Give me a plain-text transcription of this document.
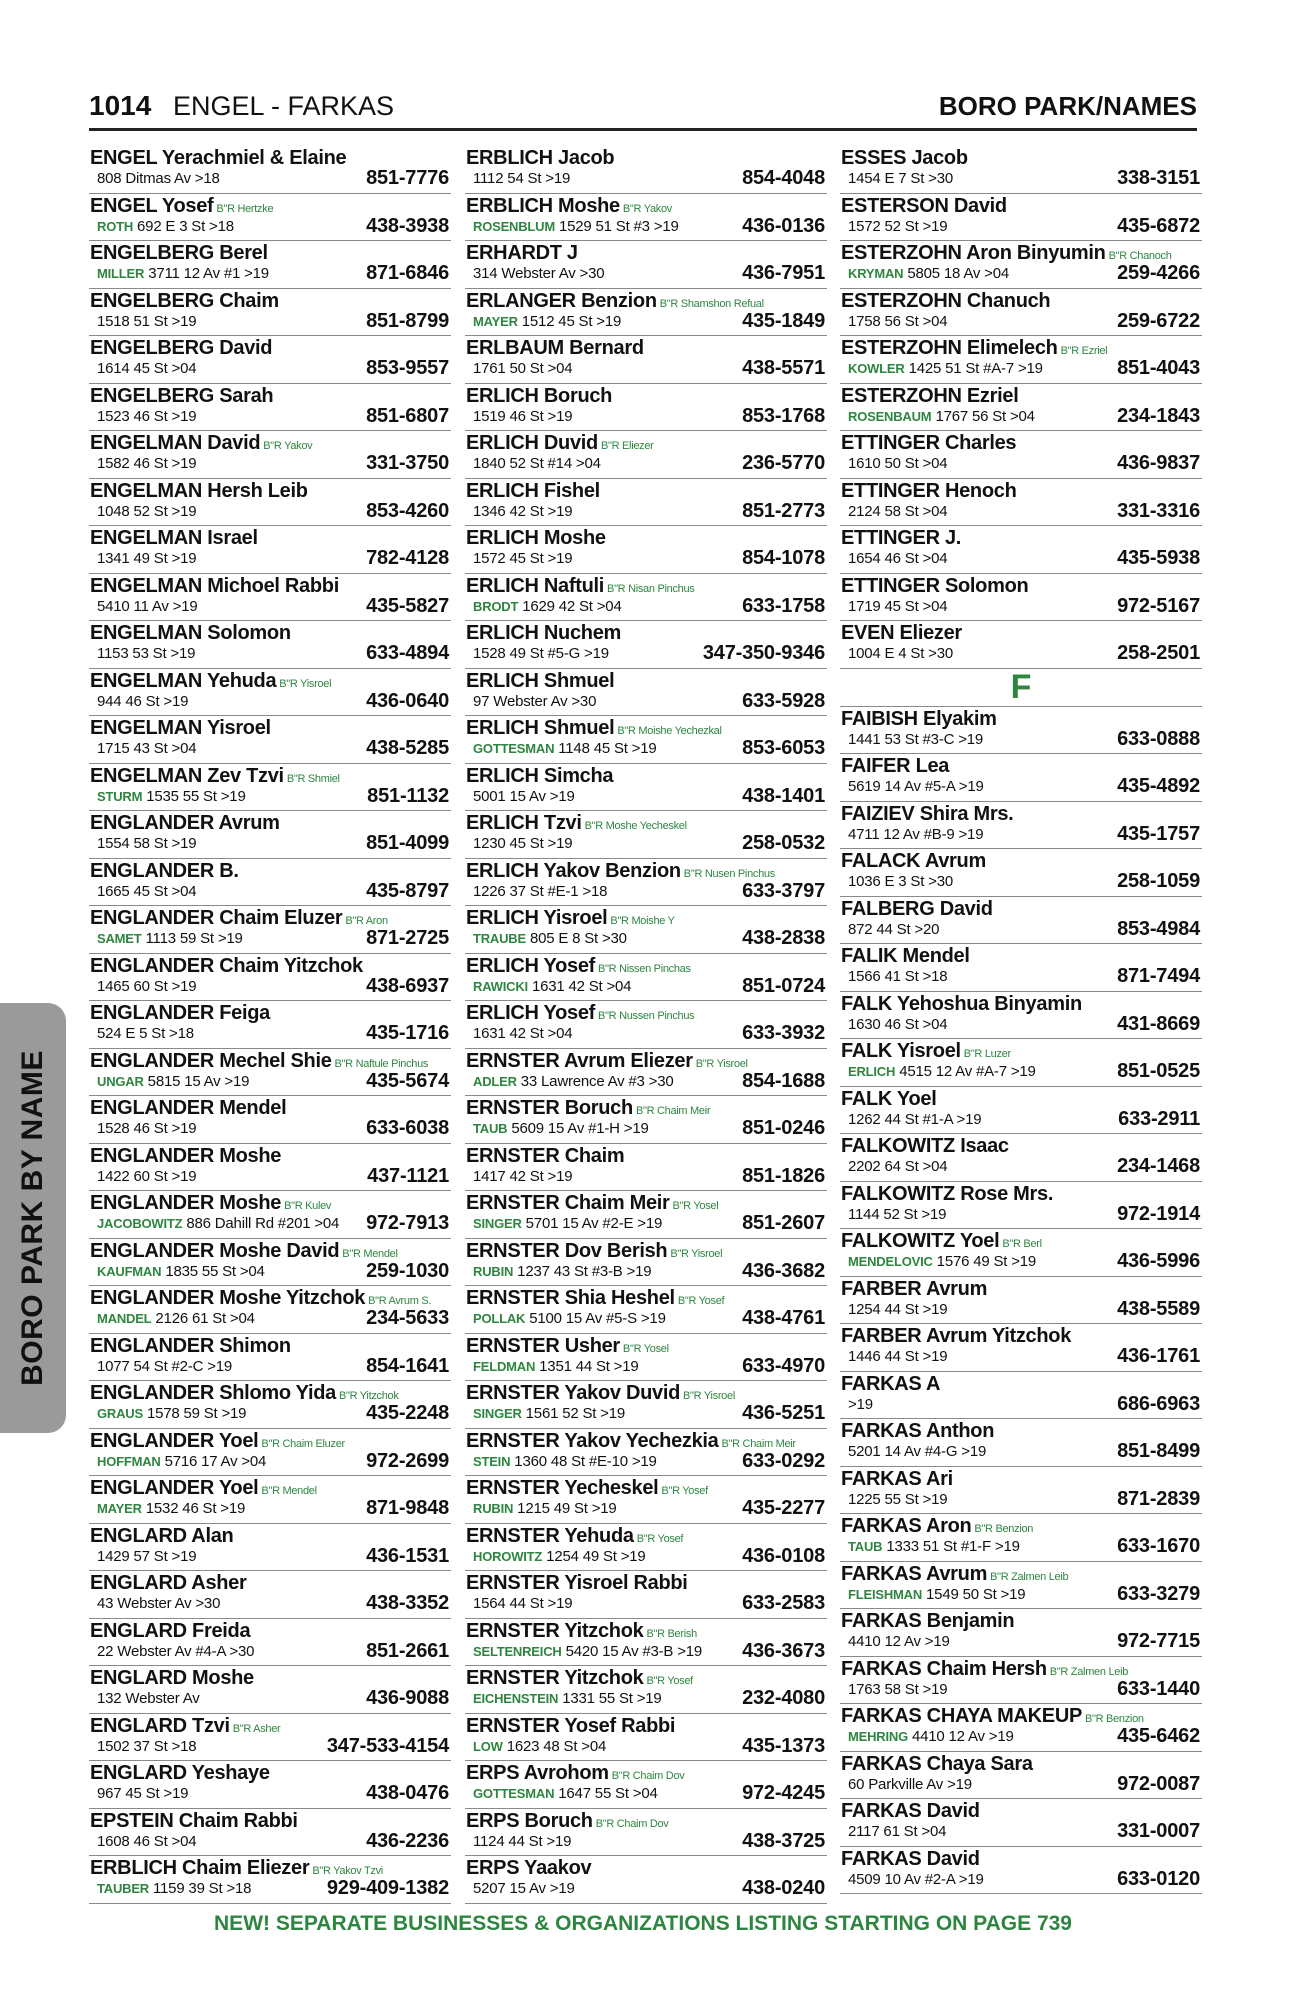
1014 ENGEL - FARKAS	BORO PARK/NAMES
ENGEL Yerachmiel & Elaine
808 Ditmas Av >18	851-7776
ENGEL Yosef B"R Hertzke
ROTH 692 E 3 St >18	438-3938
ENGELBERG Berel
MILLER 3711 12 Av #1 >19	871-6846
ENGELBERG Chaim
1518 51 St >19	851-8799
ENGELBERG David
1614 45 St >04	853-9557
ENGELBERG Sarah
1523 46 St >19	851-6807
ENGELMAN David B"R Yakov
1582 46 St >19	331-3750
ENGELMAN Hersh Leib
1048 52 St >19	853-4260
ENGELMAN Israel
1341 49 St >19	782-4128
ENGELMAN Michoel Rabbi
5410 11 Av >19	435-5827
ENGELMAN Solomon
1153 53 St >19	633-4894
ENGELMAN Yehuda B"R Yisroel
944 46 St >19	436-0640
ENGELMAN Yisroel
1715 43 St >04	438-5285
ENGELMAN Zev Tzvi B"R Shmiel
STURM 1535 55 St >19	851-1132
ENGLANDER Avrum
1554 58 St >19	851-4099
ENGLANDER B.
1665 45 St >04	435-8797
ENGLANDER Chaim Eluzer B"R Aron
SAMET 1113 59 St >19	871-2725
ENGLANDER Chaim Yitzchok
1465 60 St >19	438-6937
ENGLANDER Feiga
524 E 5 St >18	435-1716
ENGLANDER Mechel Shie B"R Naftule Pinchus
UNGAR 5815 15 Av >19	435-5674
ENGLANDER Mendel
1528 46 St >19	633-6038
ENGLANDER Moshe
1422 60 St >19	437-1121
ENGLANDER Moshe B"R Kulev
JACOBOWITZ 886 Dahill Rd #201 >04 972-7913
ENGLANDER Moshe David B"R Mendel
KAUFMAN 1835 55 St >04	259-1030
ENGLANDER Moshe Yitzchok B"R Avrum S.
MANDEL 2126 61 St >04	234-5633
ENGLANDER Shimon
1077 54 St #2-C >19	854-1641
ENGLANDER Shlomo Yida B"R Yitzchok
GRAUS 1578 59 St >19	435-2248
ENGLANDER Yoel B"R Chaim Eluzer
HOFFMAN 5716 17 Av >04	972-2699
ENGLANDER Yoel B"R Mendel
MAYER 1532 46 St >19	871-9848
ENGLARD Alan
1429 57 St >19	436-1531
ENGLARD Asher
43 Webster Av >30	438-3352
ENGLARD Freida
22 Webster Av #4-A >30	851-2661
ENGLARD Moshe
132 Webster Av	436-9088
ENGLARD Tzvi B"R Asher
1502 37 St >18	347-533-4154
ENGLARD Yeshaye
967 45 St >19	438-0476
EPSTEIN Chaim Rabbi
1608 46 St >04	436-2236
ERBLICH Chaim Eliezer B"R Yakov Tzvi
TAUBER 1159 39 St >18	929-409-1382
ERBLICH Jacob
1112 54 St >19	854-4048
ERBLICH Moshe B"R Yakov
ROSENBLUM 1529 51 St #3 >19	436-0136
ERHARDT J
314 Webster Av >30	436-7951
ERLANGER Benzion B"R Shamshon Refual
MAYER 1512 45 St >19	435-1849
ERLBAUM Bernard
1761 50 St >04	438-5571
ERLICH Boruch
1519 46 St >19	853-1768
ERLICH Duvid B"R Eliezer
1840 52 St #14 >04	236-5770
ERLICH Fishel
1346 42 St >19	851-2773
ERLICH Moshe
1572 45 St >19	854-1078
ERLICH Naftuli B"R Nisan Pinchus
BRODT 1629 42 St >04	633-1758
ERLICH Nuchem
1528 49 St #5-G >19	347-350-9346
ERLICH Shmuel
97 Webster Av >30	633-5928
ERLICH Shmuel B"R Moishe Yechezkal
GOTTESMAN 1148 45 St >19	853-6053
ERLICH Simcha
5001 15 Av >19	438-1401
ERLICH Tzvi B"R Moshe Yecheskel
1230 45 St >19	258-0532
ERLICH Yakov Benzion B"R Nusen Pinchus
1226 37 St #E-1 >18	633-3797
ERLICH Yisroel B"R Moishe Y
TRAUBE 805 E 8 St >30	438-2838
ERLICH Yosef B"R Nissen Pinchas
RAWICKI 1631 42 St >04	851-0724
ERLICH Yosef B"R Nussen Pinchus
1631 42 St >04	633-3932
ERNSTER Avrum Eliezer B"R Yisroel
ADLER 33 Lawrence Av #3 >30	854-1688
ERNSTER Boruch B"R Chaim Meir
TAUB 5609 15 Av #1-H >19	851-0246
ERNSTER Chaim
1417 42 St >19	851-1826
ERNSTER Chaim Meir B"R Yosel
SINGER 5701 15 Av #2-E >19	851-2607
ERNSTER Dov Berish B"R Yisroel
RUBIN 1237 43 St #3-B >19	436-3682
ERNSTER Shia Heshel B"R Yosef
POLLAK 5100 15 Av #5-S >19	438-4761
ERNSTER Usher B"R Yosel
FELDMAN 1351 44 St >19	633-4970
ERNSTER Yakov Duvid B"R Yisroel
SINGER 1561 52 St >19	436-5251
ERNSTER Yakov Yechezkia B"R Chaim Meir
STEIN 1360 48 St #E-10 >19	633-0292
ERNSTER Yecheskel B"R Yosef
RUBIN 1215 49 St >19	435-2277
ERNSTER Yehuda B"R Yosef
HOROWITZ 1254 49 St >19	436-0108
ERNSTER Yisroel Rabbi
1564 44 St >19	633-2583
ERNSTER Yitzchok B"R Berish
SELTENREICH 5420 15 Av #3-B >19 436-3673
ERNSTER Yitzchok B"R Yosef
EICHENSTEIN 1331 55 St >19	232-4080
ERNSTER Yosef Rabbi
LOW 1623 48 St >04	435-1373
ERPS Avrohom B"R Chaim Dov
GOTTESMAN 1647 55 St >04	972-4245
ERPS Boruch B"R Chaim Dov
1124 44 St >19	438-3725
ERPS Yaakov
5207 15 Av >19	438-0240
ESSES Jacob
1454 E 7 St >30	338-3151
ESTERSON David
1572 52 St >19	435-6872
ESTERZOHN Aron Binyumin B"R Chanoch
KRYMAN 5805 18 Av >04	259-4266
ESTERZOHN Chanuch
1758 56 St >04	259-6722
ESTERZOHN Elimelech B"R Ezriel
KOWLER 1425 51 St #A-7 >19	851-4043
ESTERZOHN Ezriel
ROSENBAUM 1767 56 St >04	234-1843
ETTINGER Charles
1610 50 St >04	436-9837
ETTINGER Henoch
2124 58 St >04	331-3316
ETTINGER J.
1654 46 St >04	435-5938
ETTINGER Solomon
1719 45 St >04	972-5167
EVEN Eliezer
1004 E 4 St >30	258-2501
F
FAIBISH Elyakim
1441 53 St #3-C >19	633-0888
FAIFER Lea
5619 14 Av #5-A >19	435-4892
FAIZIEV Shira Mrs.
4711 12 Av #B-9 >19	435-1757
FALACK Avrum
1036 E 3 St >30	258-1059
FALBERG David
872 44 St >20	853-4984
FALIK Mendel
1566 41 St >18	871-7494
FALK Yehoshua Binyamin
1630 46 St >04	431-8669
FALK Yisroel B"R Luzer
ERLICH 4515 12 Av #A-7 >19	851-0525
FALK Yoel
1262 44 St #1-A >19	633-2911
FALKOWITZ Isaac
2202 64 St >04	234-1468
FALKOWITZ Rose Mrs.
1144 52 St >19	972-1914
FALKOWITZ Yoel B"R Berl
MENDELOVIC 1576 49 St >19	436-5996
FARBER Avrum
1254 44 St >19	438-5589
FARBER Avrum Yitzchok
1446 44 St >19	436-1761
FARKAS A
>19	686-6963
FARKAS Anthon
5201 14 Av #4-G >19	851-8499
FARKAS Ari
1225 55 St >19	871-2839
FARKAS Aron B"R Benzion
TAUB 1333 51 St #1-F >19	633-1670
FARKAS Avrum B"R Zalmen Leib
FLEISHMAN 1549 50 St >19	633-3279
FARKAS Benjamin
4410 12 Av >19	972-7715
FARKAS Chaim Hersh B"R Zalmen Leib
1763 58 St >19	633-1440
FARKAS CHAYA MAKEUP B"R Benzion
MEHRING 4410 12 Av >19	435-6462
FARKAS Chaya Sara
60 Parkville Av >19	972-0087
FARKAS David
2117 61 St >04	331-0007
FARKAS David
4509 10 Av #2-A >19	633-0120
BORO PARK BY NAME
NEW! SEPARATE BUSINESSES & ORGANIZATIONS LISTING STARTING ON PAGE 739
